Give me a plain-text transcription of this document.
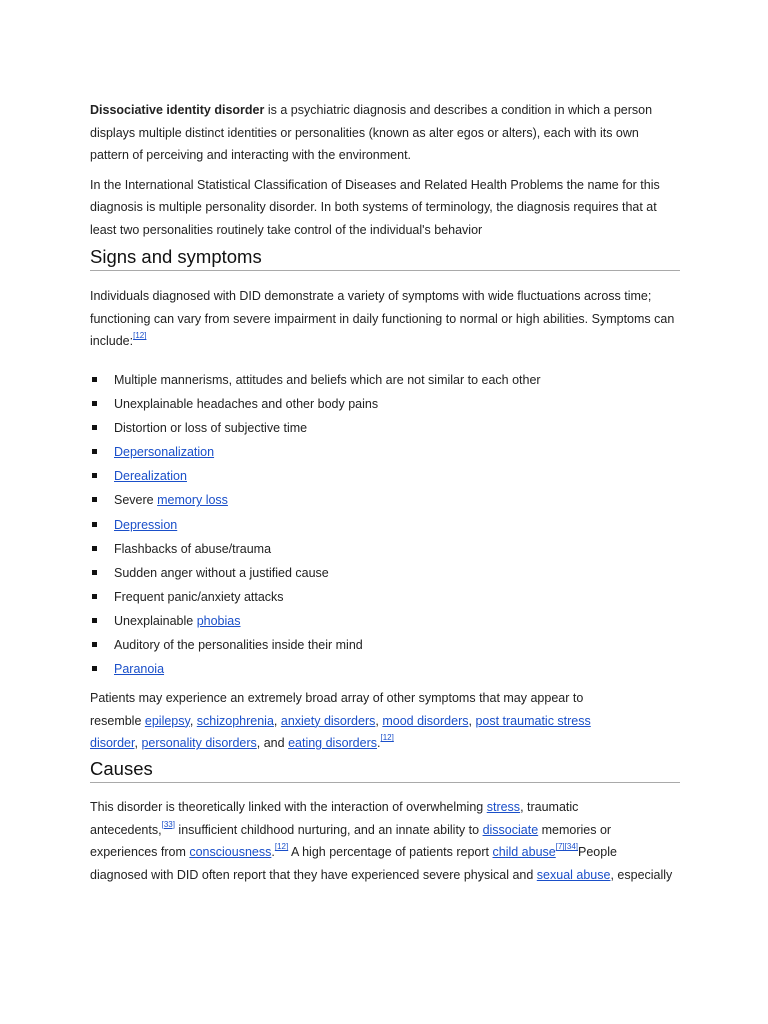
Dissociative identity disorder is a psychiatric diagnosis and describes a condition in which a person
displays multiple distinct identities or personalities (known as alter egos or alters), each with its own
pattern of perceiving and interacting with the environment.

In the International Statistical Classification of Diseases and Related Health Problems the name for this
diagnosis is multiple personality disorder. In both systems of terminology, the diagnosis requires that at
least two personalities routinely take control of the individual's behavior

Signs and symptoms

Individuals diagnosed with DID demonstrate a variety of symptoms with wide fluctuations across time;
functioning can vary from severe impairment in daily functioning to normal or high abilities. Symptoms can
include:[12]

Multiple mannerisms, attitudes and beliefs which are not similar to each other
Unexplainable headaches and other body pains
Distortion or loss of subjective time
Depersonalization
Derealization
Severe memory loss
Depression
Flashbacks of abuse/trauma
Sudden anger without a justified cause
Frequent panic/anxiety attacks
Unexplainable phobias
Auditory of the personalities inside their mind
Paranoia

Patients may experience an extremely broad array of other symptoms that may appear to
resemble epilepsy, schizophrenia, anxiety disorders, mood disorders, post traumatic stress
disorder, personality disorders, and eating disorders.[12]

Causes

This disorder is theoretically linked with the interaction of overwhelming stress, traumatic
antecedents,[33] insufficient childhood nurturing, and an innate ability to dissociate memories or
experiences from consciousness.[12] A high percentage of patients report child abuse[7][34]People
diagnosed with DID often report that they have experienced severe physical and sexual abuse, especially
